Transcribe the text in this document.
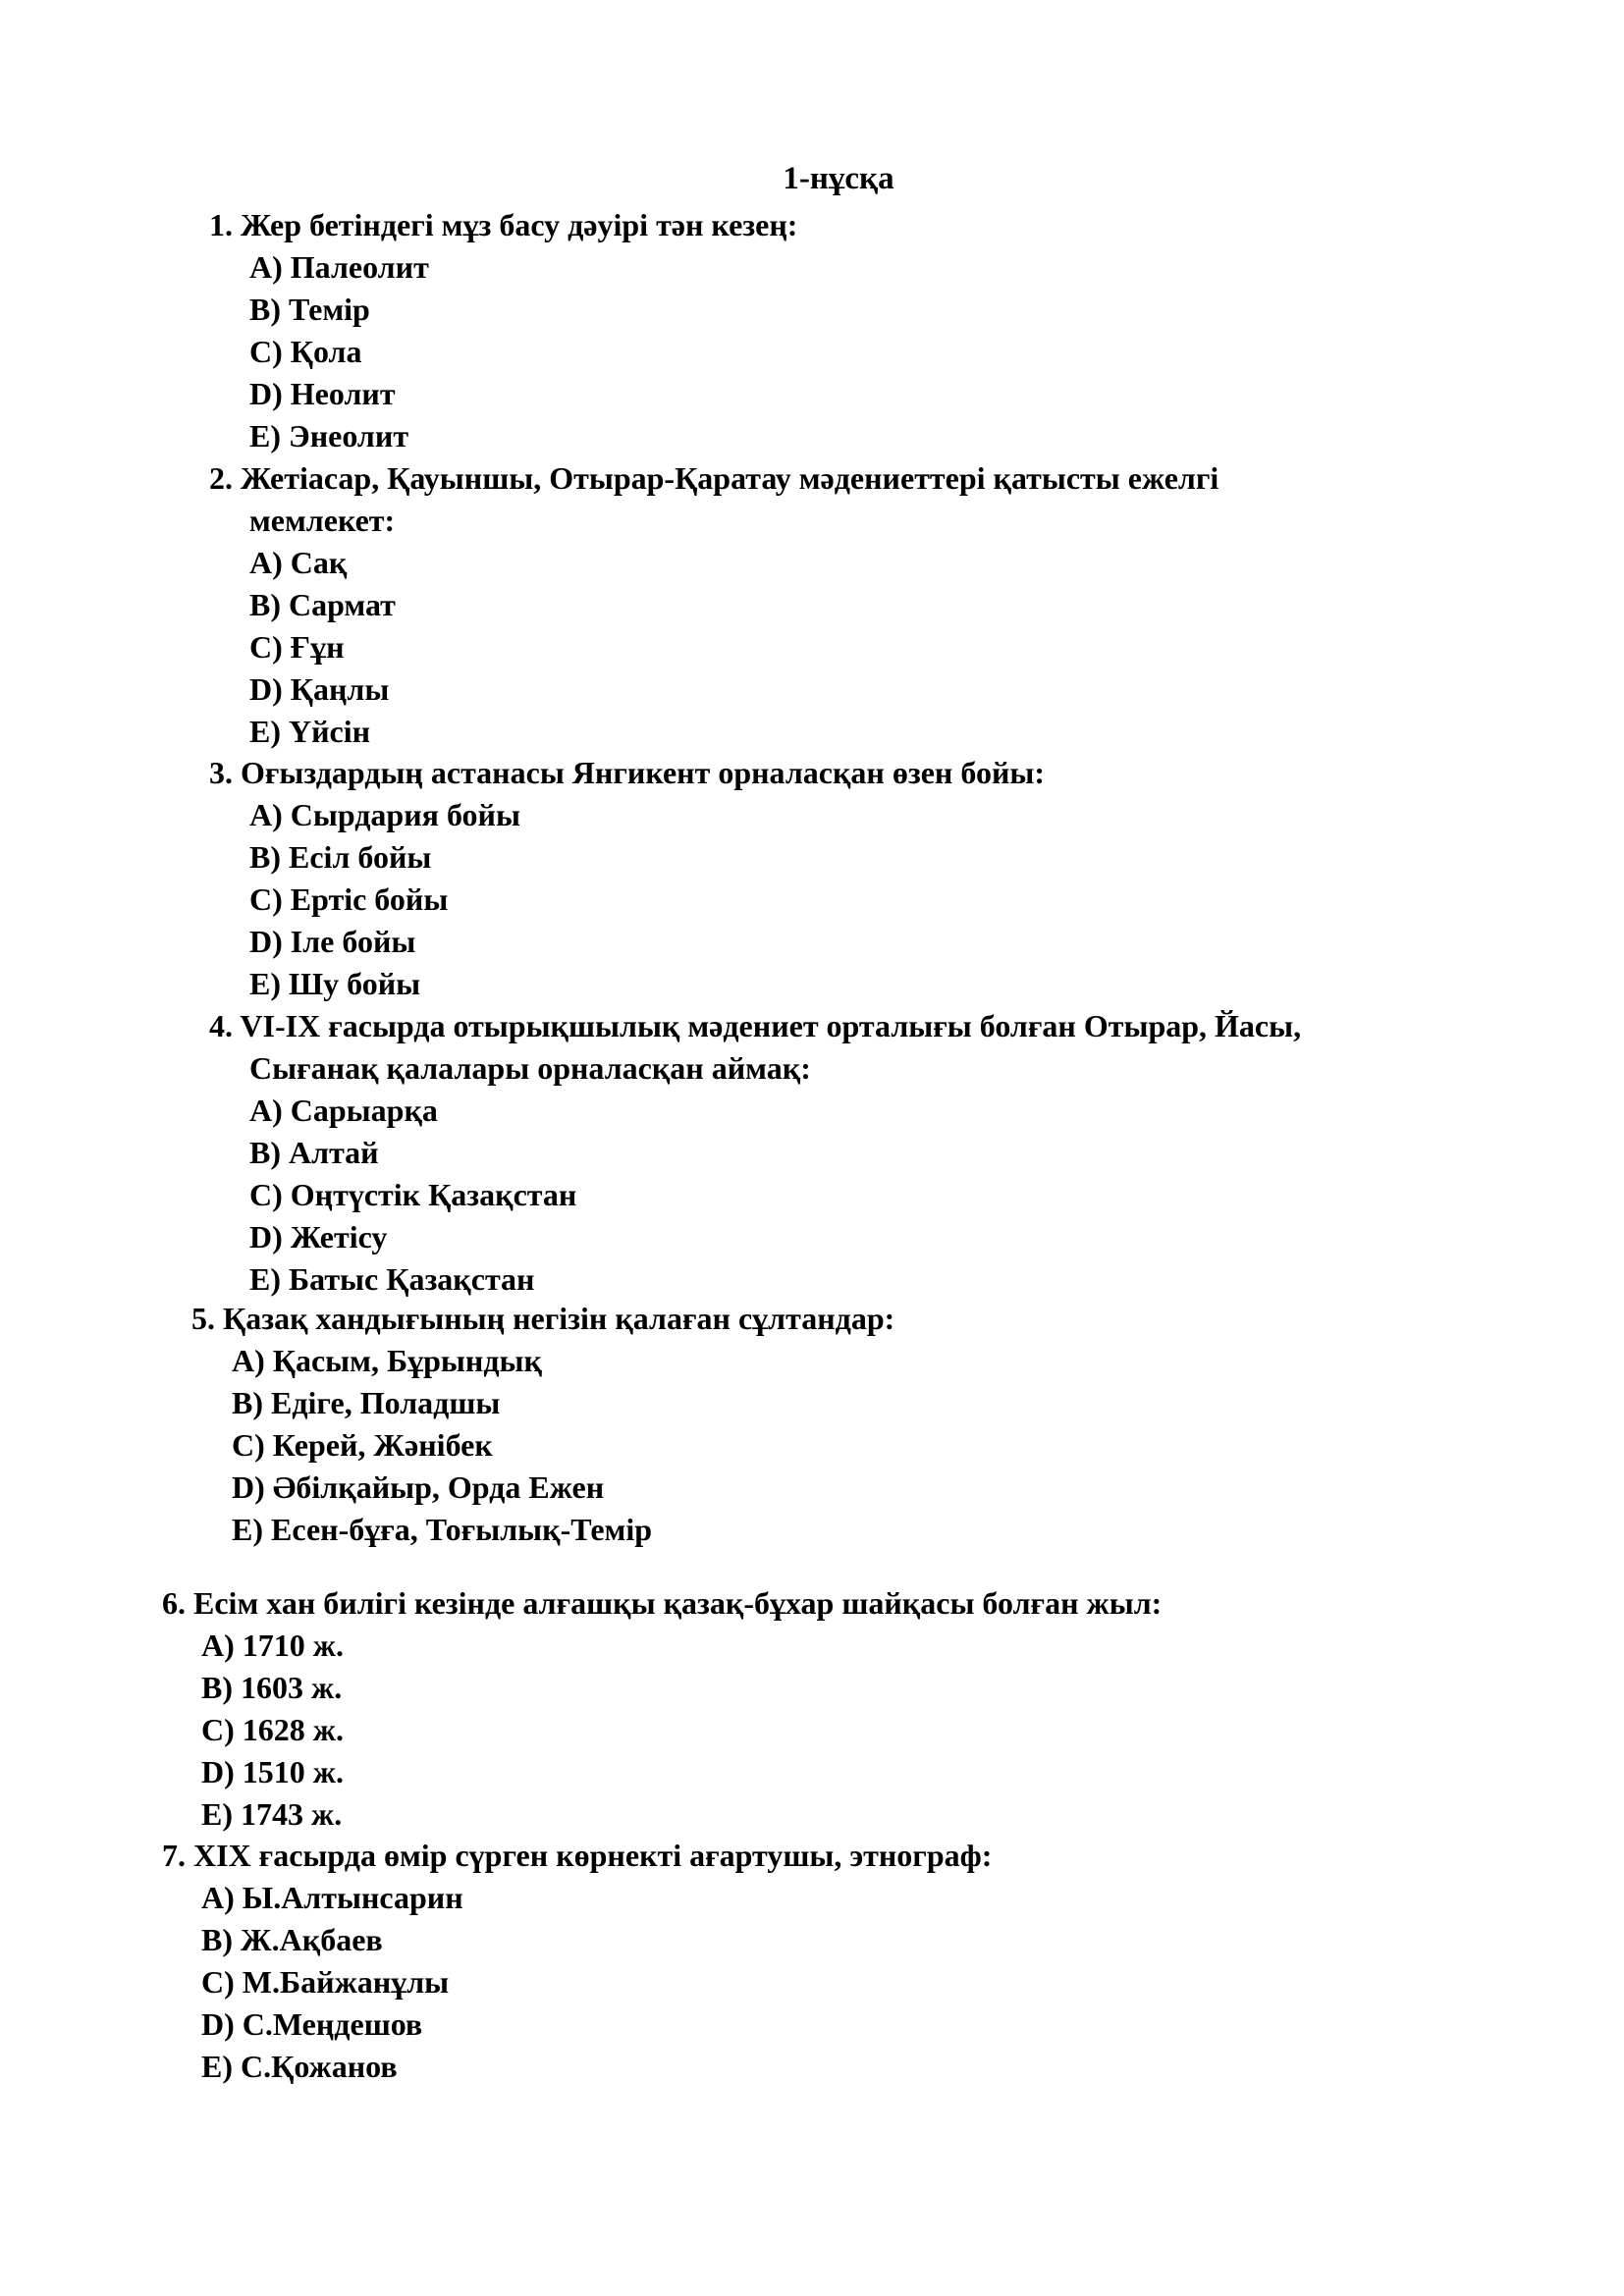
1-нұсқа
1. Жер бетіндегі мұз басу дәуірі тән кезең:
A) Палеолит
B) Темір
C) Қола
D) Неолит
E) Энеолит
2. Жетіасар, Қауыншы, Отырар-Қаратау мәдениеттері қатысты ежелгі
мемлекет:
A) Сақ
B) Сармат
C) Ғұн
D) Қаңлы
E) Үйсін
3. Оғыздардың астанасы Янгикент орналасқан өзен бойы:
A) Сырдария бойы
B) Есіл бойы
C) Ертіс бойы
D) Іле бойы
E) Шу бойы
4. VI-IX ғасырда отырықшылық мәдениет орталығы болған Отырар, Йасы,
Сығанақ қалалары орналасқан аймақ:
A) Сарыарқа
B) Алтай
C) Оңтүстік Қазақстан
D) Жетісу
E) Батыс Қазақстан
5. Қазақ хандығының негізін қалаған сұлтандар:
A) Қасым, Бұрындық
B) Едіге, Поладшы
C) Керей, Жәнібек
D) Әбілқайыр, Орда Ежен
E) Есен-бұға, Тоғылық-Темір
6. Есім хан билігі кезінде алғашқы қазақ-бұхар шайқасы болған жыл:
A) 1710 ж.
B) 1603 ж.
C) 1628 ж.
D) 1510 ж.
E) 1743 ж.
7. XIX ғасырда өмір сүрген көрнекті ағартушы, этнограф:
A) Ы.Алтынсарин
B) Ж.Ақбаев
C) М.Байжанұлы
D) С.Меңдешов
E) С.Қожанов
